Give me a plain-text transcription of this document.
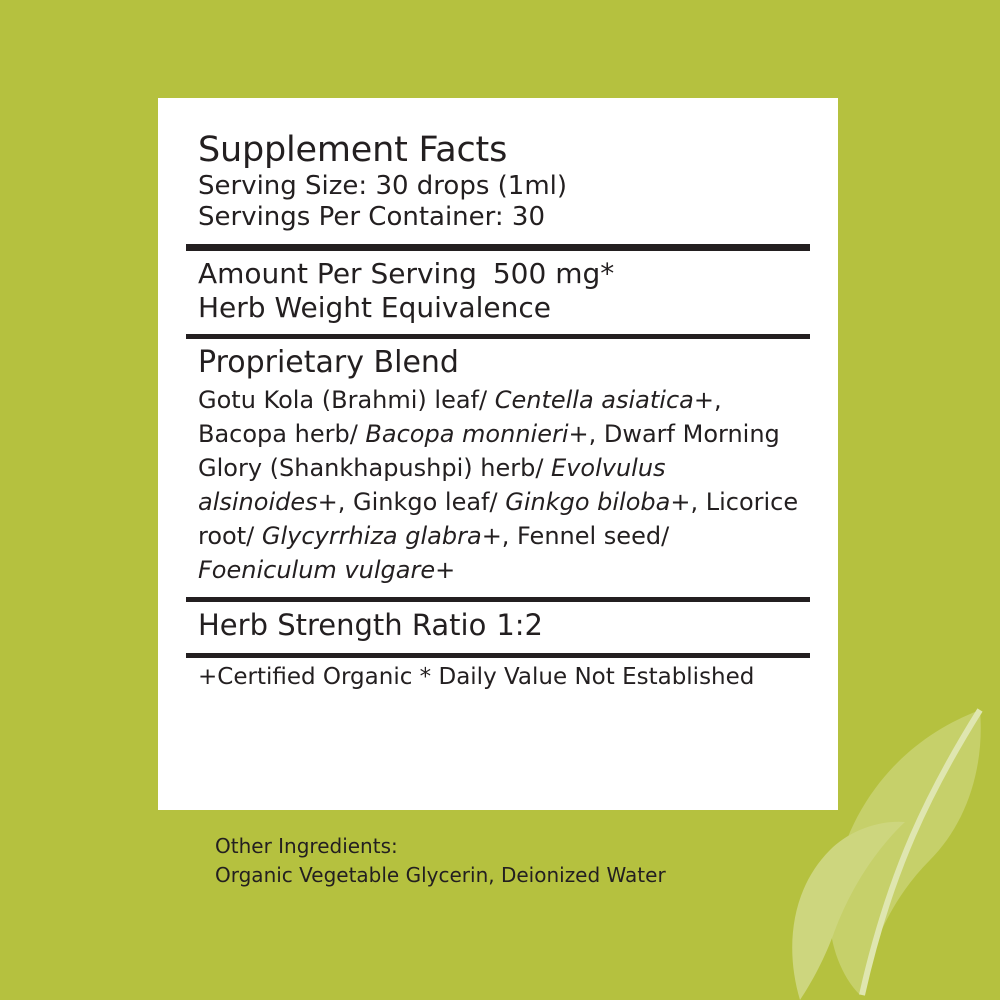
Supplement Facts
Serving Size: 30 drops (1ml)
Servings Per Container: 30
Amount Per Serving 500 mg*
Herb Weight Equivalence
Proprietary Blend
Gotu Kola (Brahmi) leaf/ Centella asiatica+, Bacopa herb/ Bacopa monnieri+, Dwarf Morning Glory (Shankhapushpi) herb/ Evolvulus alsinoides+, Ginkgo leaf/ Ginkgo biloba+, Licorice root/ Glycyrrhiza glabra+, Fennel seed/ Foeniculum vulgare+
Herb Strength Ratio 1:2
+Certified Organic * Daily Value Not Established
Other Ingredients:
Organic Vegetable Glycerin, Deionized Water
